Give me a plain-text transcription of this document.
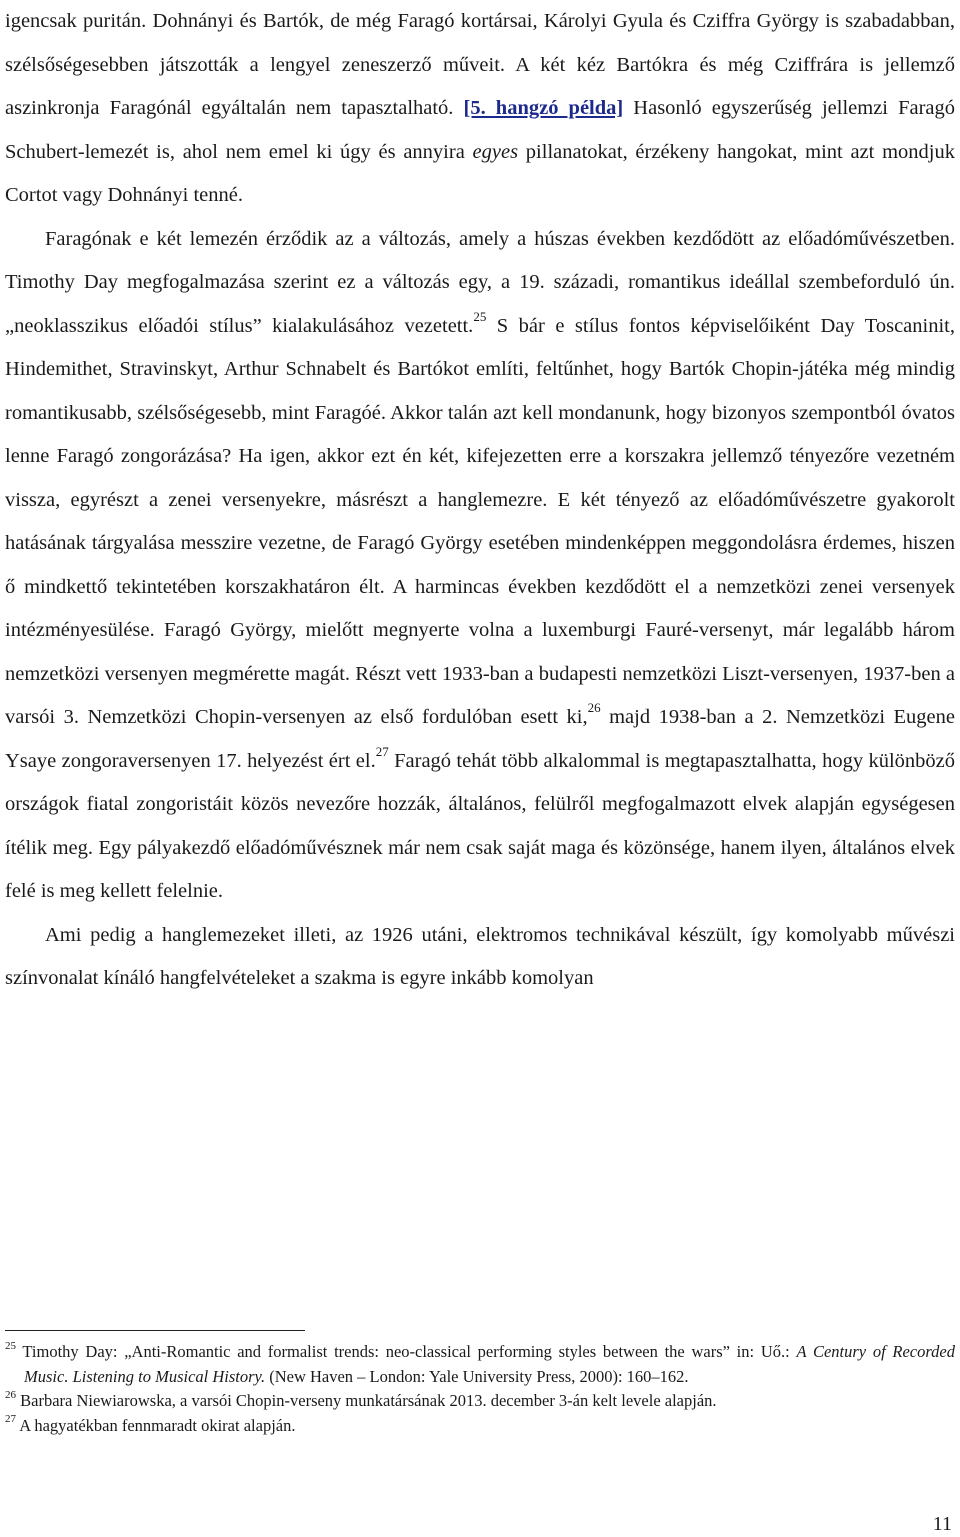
igencsak puritán. Dohnányi és Bartók, de még Faragó kortársai, Károlyi Gyula és Cziffra György is szabadabban, szélsőségesebben játszották a lengyel zeneszerző műveit. A két kéz Bartókra és még Cziffrára is jellemző aszinkronja Faragónál egyáltalán nem tapasztalható. [5. hangzó példa] Hasonló egyszerűség jellemzi Faragó Schubert-lemezét is, ahol nem emel ki úgy és annyira egyes pillanatokat, érzékeny hangokat, mint azt mondjuk Cortot vagy Dohnányi tenné.

Faragónak e két lemezén érződik az a változás, amely a húszas években kezdődött az előadóművészetben. Timothy Day megfogalmazása szerint ez a változás egy, a 19. századi, romantikus ideállal szembeforduló ún. „neoklasszikus előadói stílus” kialakulásához vezetett.$^{25}$ S bár e stílus fontos képviselőiként Day Toscaninit, Hindemithet, Stravinskyt, Arthur Schnabelt és Bartókot említi, feltűnhet, hogy Bartók Chopin-játéka még mindig romantikusabb, szélsőségesebb, mint Faragóé. Akkor talán azt kell mondanunk, hogy bizonyos szempontból óvatos lenne Faragó zongorázása? Ha igen, akkor ezt én két, kifejezetten erre a korszakra jellemző tényezőre vezetném vissza, egyrészt a zenei versenyekre, másrészt a hanglemezre. E két tényező az előadóművészetre gyakorolt hatásának tárgyalása messzire vezetne, de Faragó György esetében mindenképpen meggondolásra érdemes, hiszen ő mindkettő tekintetében korszakhatáron élt. A harmincas években kezdődött el a nemzetközi zenei versenyek intézményesülése. Faragó György, mielőtt megnyerte volna a luxemburgi Fauré-versenyt, már legalább három nemzetközi versenyen megmérette magát. Részt vett 1933-ban a budapesti nemzetközi Liszt-versenyen, 1937-ben a varsói 3. Nemzetközi Chopin-versenyen az első fordulóban esett ki,$^{26}$ majd 1938-ban a 2. Nemzetközi Eugene Ysaye zongoraversenyen 17. helyezést ért el.$^{27}$ Faragó tehát több alkalommal is megtapasztalhatta, hogy különböző országok fiatal zongoristáit közös nevezőre hozzák, általános, felülről megfogalmazott elvek alapján egységesen ítélik meg. Egy pályakezdő előadóművésznek már nem csak saját maga és közönsége, hanem ilyen, általános elvek felé is meg kellett felelnie.

Ami pedig a hanglemezeket illeti, az 1926 utáni, elektromos technikával készült, így komolyabb művészi színvonalat kínáló hangfelvételeket a szakma is egyre inkább komolyan

$^{25}$ Timothy Day: „Anti-Romantic and formalist trends: neo-classical performing styles between the wars” in: Uő.: A Century of Recorded Music. Listening to Musical History. (New Haven – London: Yale University Press, 2000): 160–162.

$^{26}$ Barbara Niewiarowska, a varsói Chopin-verseny munkatársának 2013. december 3-án kelt levele alapján.

$^{27}$ A hagyatékban fennmaradt okirat alapján.

11
